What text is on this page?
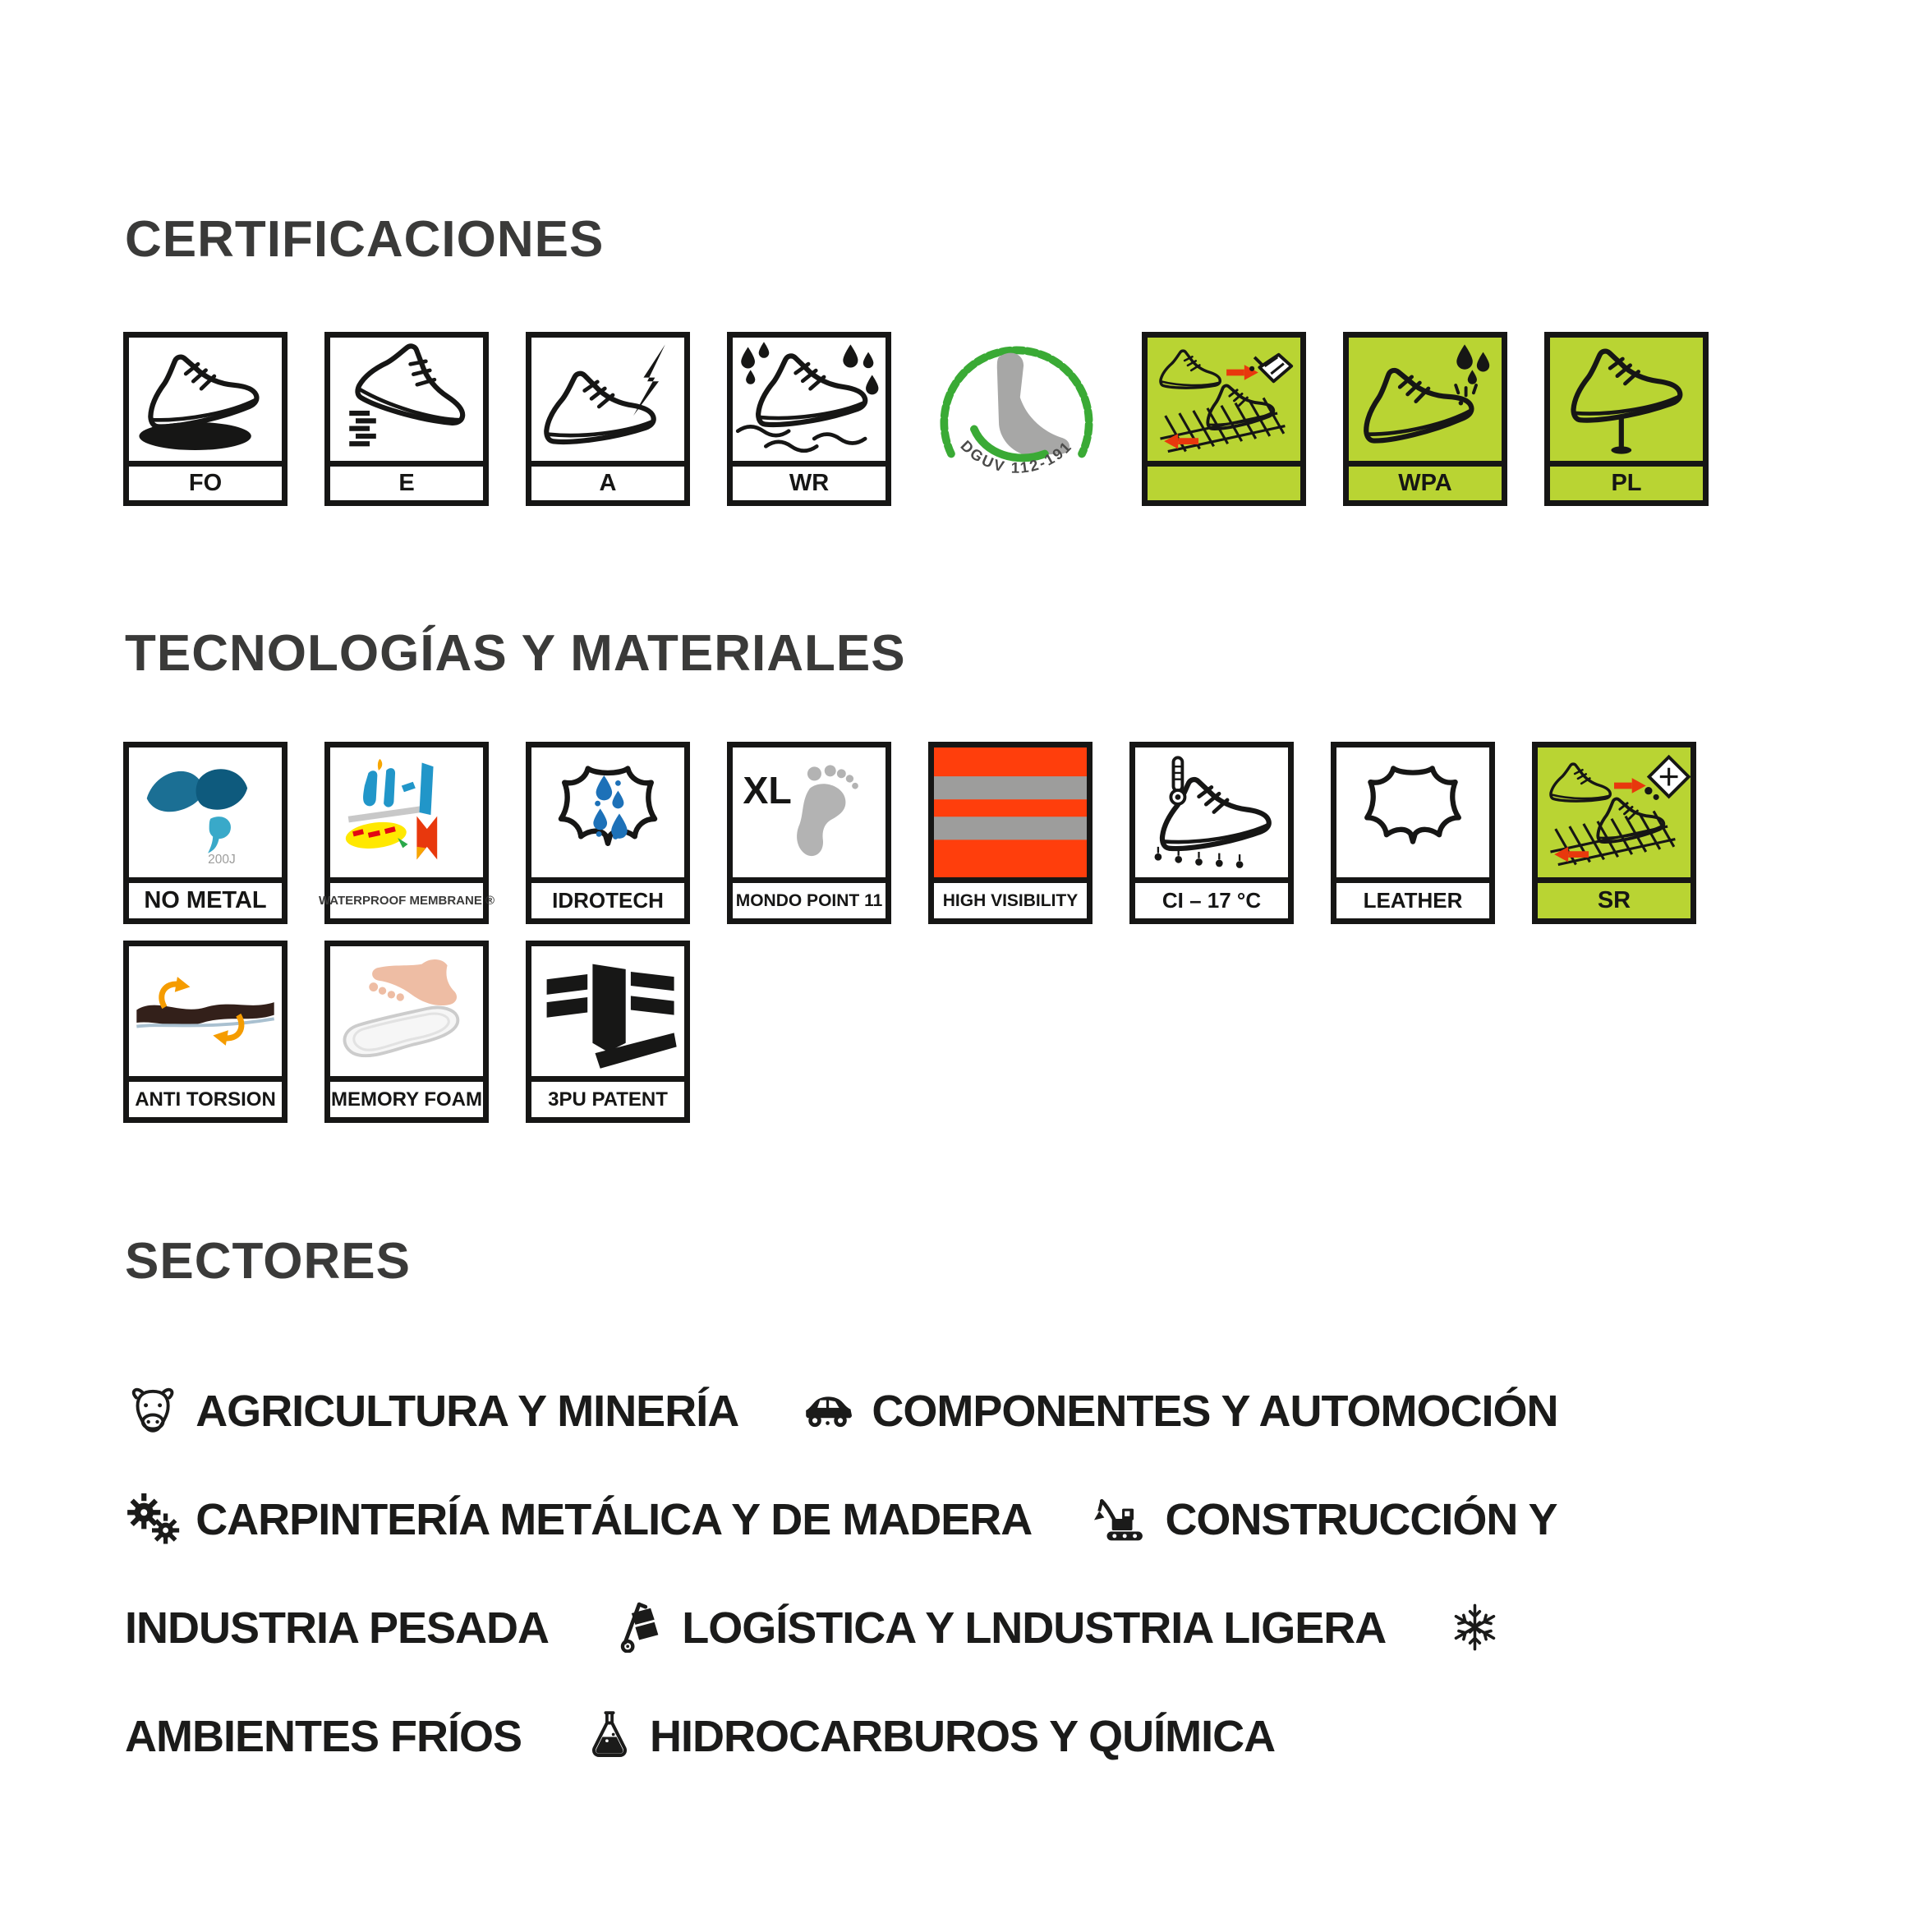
CERTIFICACIONES
FO	E	A	WR
DGUV 112-191
WPA	PL
TECNOLOGÍAS Y MATERIALES
200J
NO METAL	WATERPROOF MEMBRANE ®	IDROTECH
XL
MONDO POINT 11	HIGH VISIBILITY	CI – 17 °C	LEATHER	SR
ANTI TORSION	MEMORY FOAM	3PU PATENT
SECTORES
AGRICULTURA Y MINERÍA	COMPONENTES Y AUTOMOCIÓN CARPINTERÍA METÁLICA Y DE MADERA	CONSTRUCCIÓN Y INDUSTRIA PESADA	LOGÍSTICA Y LNDUSTRIA LIGERA AMBIENTES FRÍOS	HIDROCARBUROS Y QUÍMICA
